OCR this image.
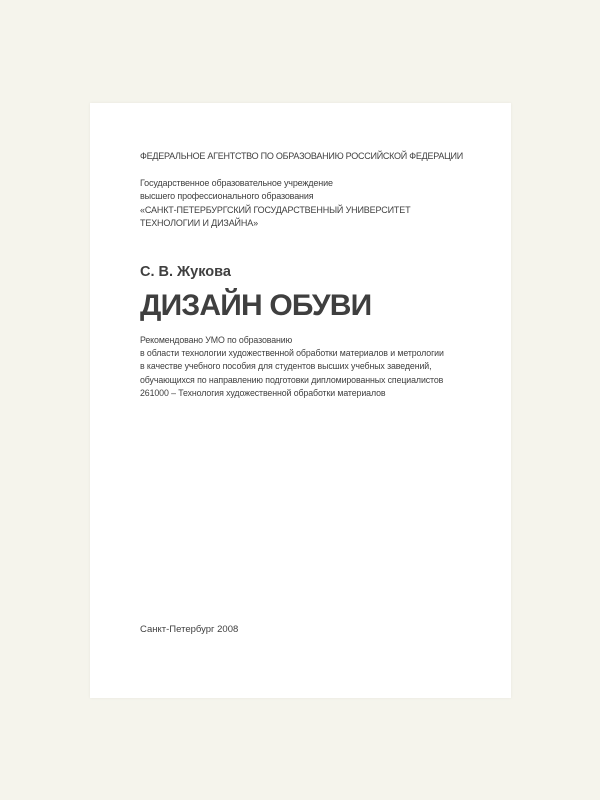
ФЕДЕРАЛЬНОЕ АГЕНТСТВО ПО ОБРАЗОВАНИЮ РОССИЙСКОЙ ФЕДЕРАЦИИ
Государственное образовательное учреждение
высшего профессионального образования
«САНКТ-ПЕТЕРБУРГСКИЙ ГОСУДАРСТВЕННЫЙ УНИВЕРСИТЕТ
ТЕХНОЛОГИИ И ДИЗАЙНА»
С. В. Жукова
ДИЗАЙН ОБУВИ
Рекомендовано УМО по образованию
в области технологии художественной обработки материалов и метрологии
в качестве учебного пособия для студентов высших учебных заведений,
обучающихся по направлению подготовки дипломированных специалистов
261000 – Технология художественной обработки материалов
Санкт-Петербург 2008
